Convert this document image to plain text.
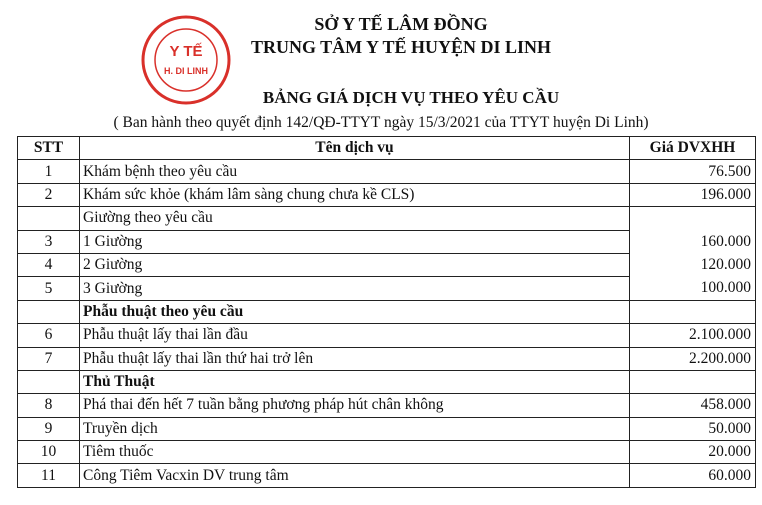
Y TẾ
H. DI LINH
SỞ Y TẾ LÂM ĐỒNG
TRUNG TÂM Y TẾ HUYỆN DI LINH
BẢNG GIÁ DỊCH VỤ THEO YÊU CẦU
( Ban hành theo quyết định 142/QĐ-TTYT ngày 15/3/2021 của TTYT huyện Di Linh)
STT	Tên dịch vụ	Giá DVXHH
1	Khám bệnh theo yêu cầu	76.500
2	Khám sức khỏe (khám lâm sàng chung chưa kề CLS)	196.000
	Giường theo yêu cầu	
3	1 Giường	160.000
4	2 Giường	120.000
5	3 Giường	100.000
	Phẫu thuật theo yêu cầu	
6	Phẫu thuật lấy thai lần đầu	2.100.000
7	Phẫu thuật lấy thai lần thứ hai trở lên	2.200.000
	Thủ Thuật	
8	Phá thai đến hết 7 tuần bằng phương pháp hút chân không	458.000
9	Truyền dịch	50.000
10	Tiêm thuốc	20.000
11	Công Tiêm Vacxin DV trung tâm	60.000
